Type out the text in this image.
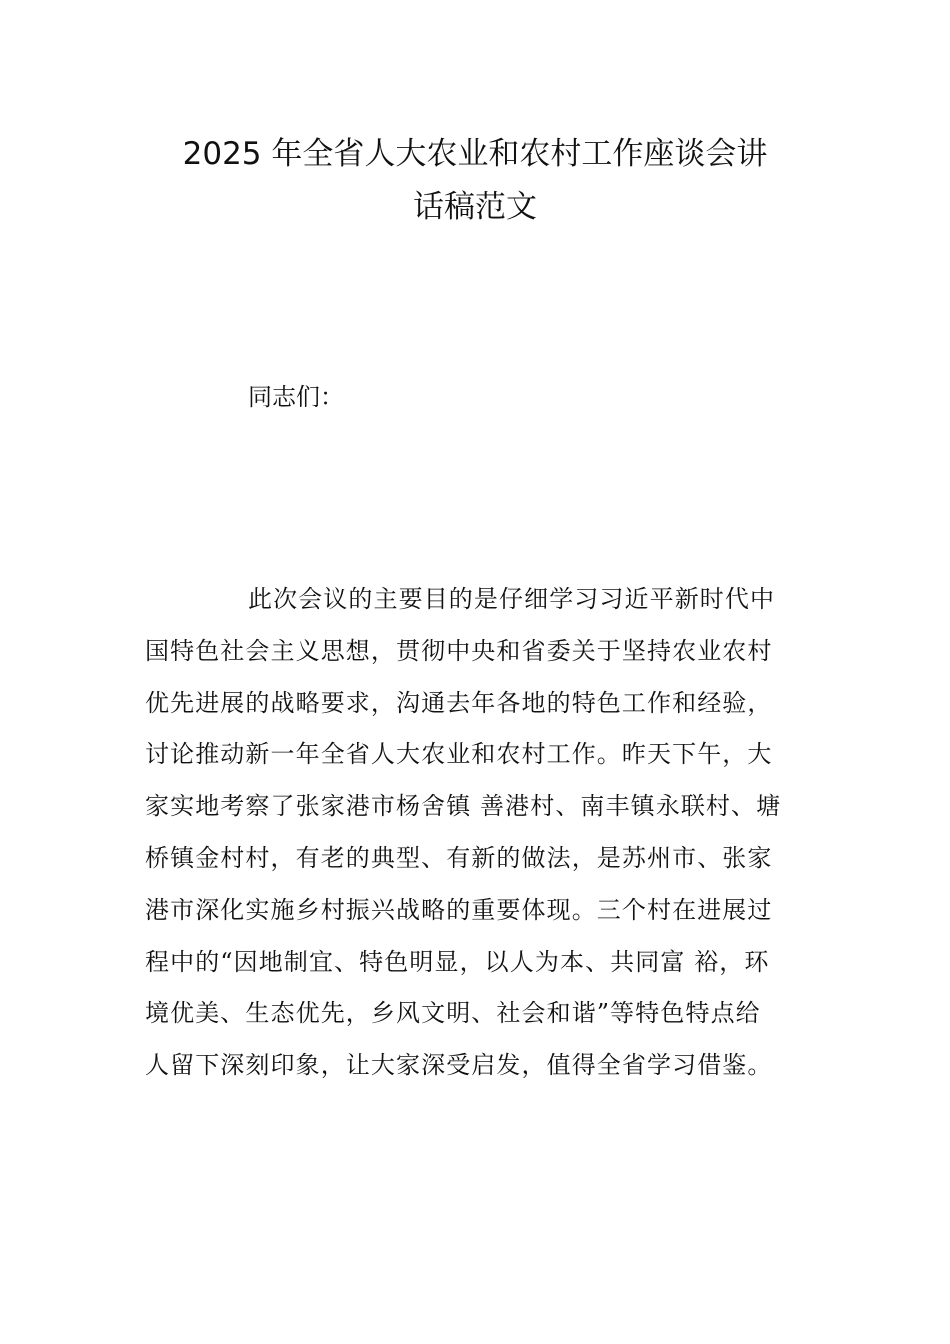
2025 年全省人大农业和农村工作座谈会讲
话稿范文

同志们：

此次会议的主要目的是仔细学习习近平新时代中
国特色社会主义思想，贯彻中央和省委关于坚持农业农村
优先进展的战略要求，沟通去年各地的特色工作和经验，
讨论推动新一年全省人大农业和农村工作。昨天下午，大
家实地考察了张家港市杨舍镇 善港村、南丰镇永联村、塘
桥镇金村村，有老的典型、有新的做法，是苏州市、张家
港市深化实施乡村振兴战略的重要体现。三个村在进展过
程中的“因地制宜、特色明显，以人为本、共同富 裕，环
境优美、生态优先，乡风文明、社会和谐”等特色特点给
人留下深刻印象，让大家深受启发，值得全省学习借鉴。
